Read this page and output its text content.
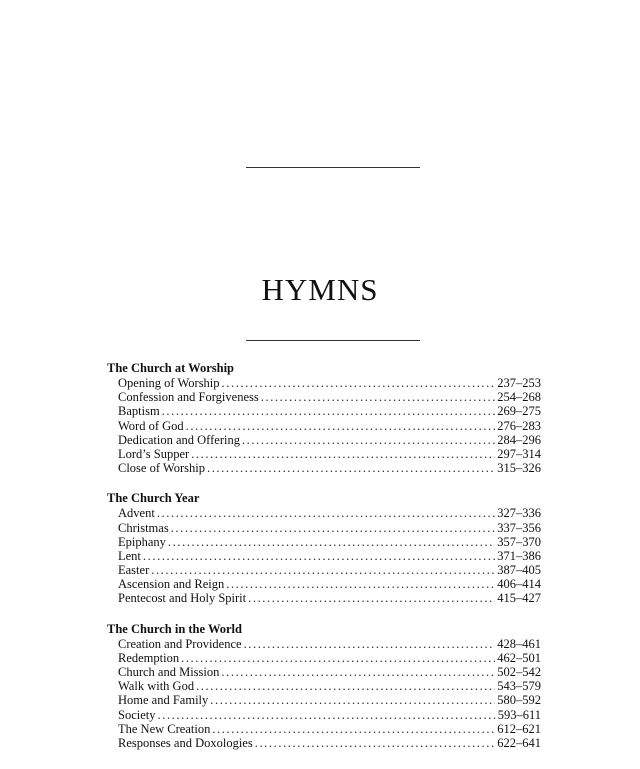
HYMNS
The Church at Worship
Opening of Worship .....	237–253
Confession and Forgiveness .....	254–268
Baptism .....	269–275
Word of God .....	276–283
Dedication and Offering .....	284–296
Lord’s Supper .....	297–314
Close of Worship .....	315–326
The Church Year
Advent .....	327–336
Christmas .....	337–356
Epiphany .....	357–370
Lent .....	371–386
Easter .....	387–405
Ascension and Reign .....	406–414
Pentecost and Holy Spirit .....	415–427
The Church in the World
Creation and Providence .....	428–461
Redemption .....	462–501
Church and Mission .....	502–542
Walk with God .....	543–579
Home and Family .....	580–592
Society .....	593–611
The New Creation .....	612–621
Responses and Doxologies .....	622–641
